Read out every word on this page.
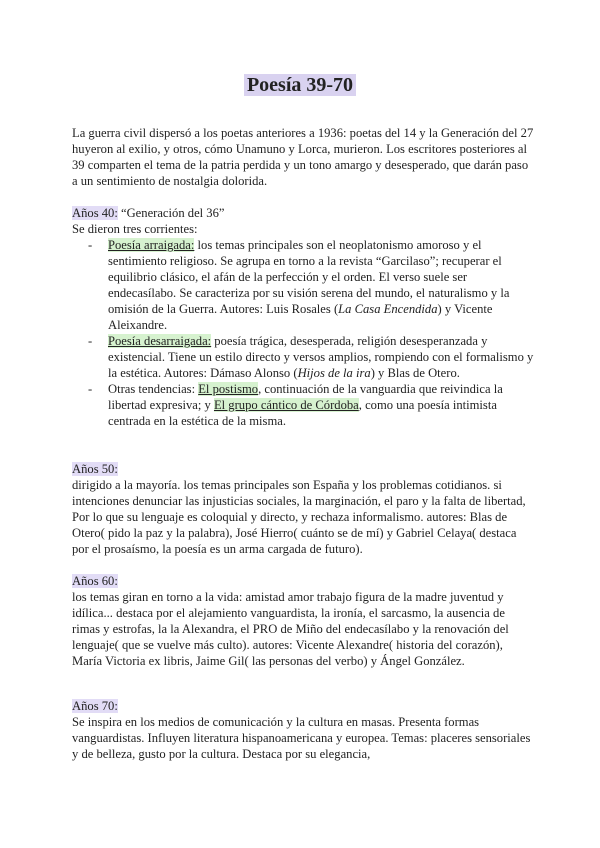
Poesía 39-70
La guerra civil dispersó a los poetas anteriores a 1936: poetas del 14 y la Generación del 27 huyeron al exilio, y otros, cómo Unamuno y Lorca, murieron. Los escritores posteriores al 39 comparten el tema de la patria perdida y un tono amargo y desesperado, que darán paso a un sentimiento de nostalgia dolorida.
Años 40: “Generación del 36”
Se dieron tres corrientes:
- Poesía arraigada: los temas principales son el neoplatonismo amoroso y el sentimiento religioso. Se agrupa en torno a la revista “Garcilaso”; recuperar el equilibrio clásico, el afán de la perfección y el orden. El verso suele ser endecasílabo. Se caracteriza por su visión serena del mundo, el naturalismo y la omisión de la Guerra. Autores: Luis Rosales (La Casa Encendida) y Vicente Aleixandre.
- Poesía desarraigada: poesía trágica, desesperada, religión desesperanzada y existencial. Tiene un estilo directo y versos amplios, rompiendo con el formalismo y la estética. Autores: Dámaso Alonso (Hijos de la ira) y Blas de Otero.
- Otras tendencias: El postismo, continuación de la vanguardia que reivindica la libertad expresiva; y El grupo cántico de Córdoba, como una poesía intimista centrada en la estética de la misma.
Años 50:
dirigido a la mayoría. los temas principales son España y los problemas cotidianos. si intenciones denunciar las injusticias sociales, la marginación, el paro y la falta de libertad, Por lo que su lenguaje es coloquial y directo, y rechaza informalismo. autores: Blas de Otero( pido la paz y la palabra), José Hierro( cuánto se de mí) y Gabriel Celaya( destaca por el prosaísmo, la poesía es un arma cargada de futuro).
Años 60:
los temas giran en torno a la vida: amistad amor trabajo figura de la madre juventud y idílica... destaca por el alejamiento vanguardista, la ironía, el sarcasmo, la ausencia de rimas y estrofas, la la Alexandra, el PRO de Miño del endecasílabo y la renovación del lenguaje( que se vuelve más culto). autores: Vicente Alexandre( historia del corazón), María Victoria ex libris, Jaime Gil( las personas del verbo) y Ángel González.
Años 70:
Se inspira en los medios de comunicación y la cultura en masas. Presenta formas vanguardistas. Influyen literatura hispanoamericana y europea. Temas: placeres sensoriales y de belleza, gusto por la cultura. Destaca por su elegancia,
